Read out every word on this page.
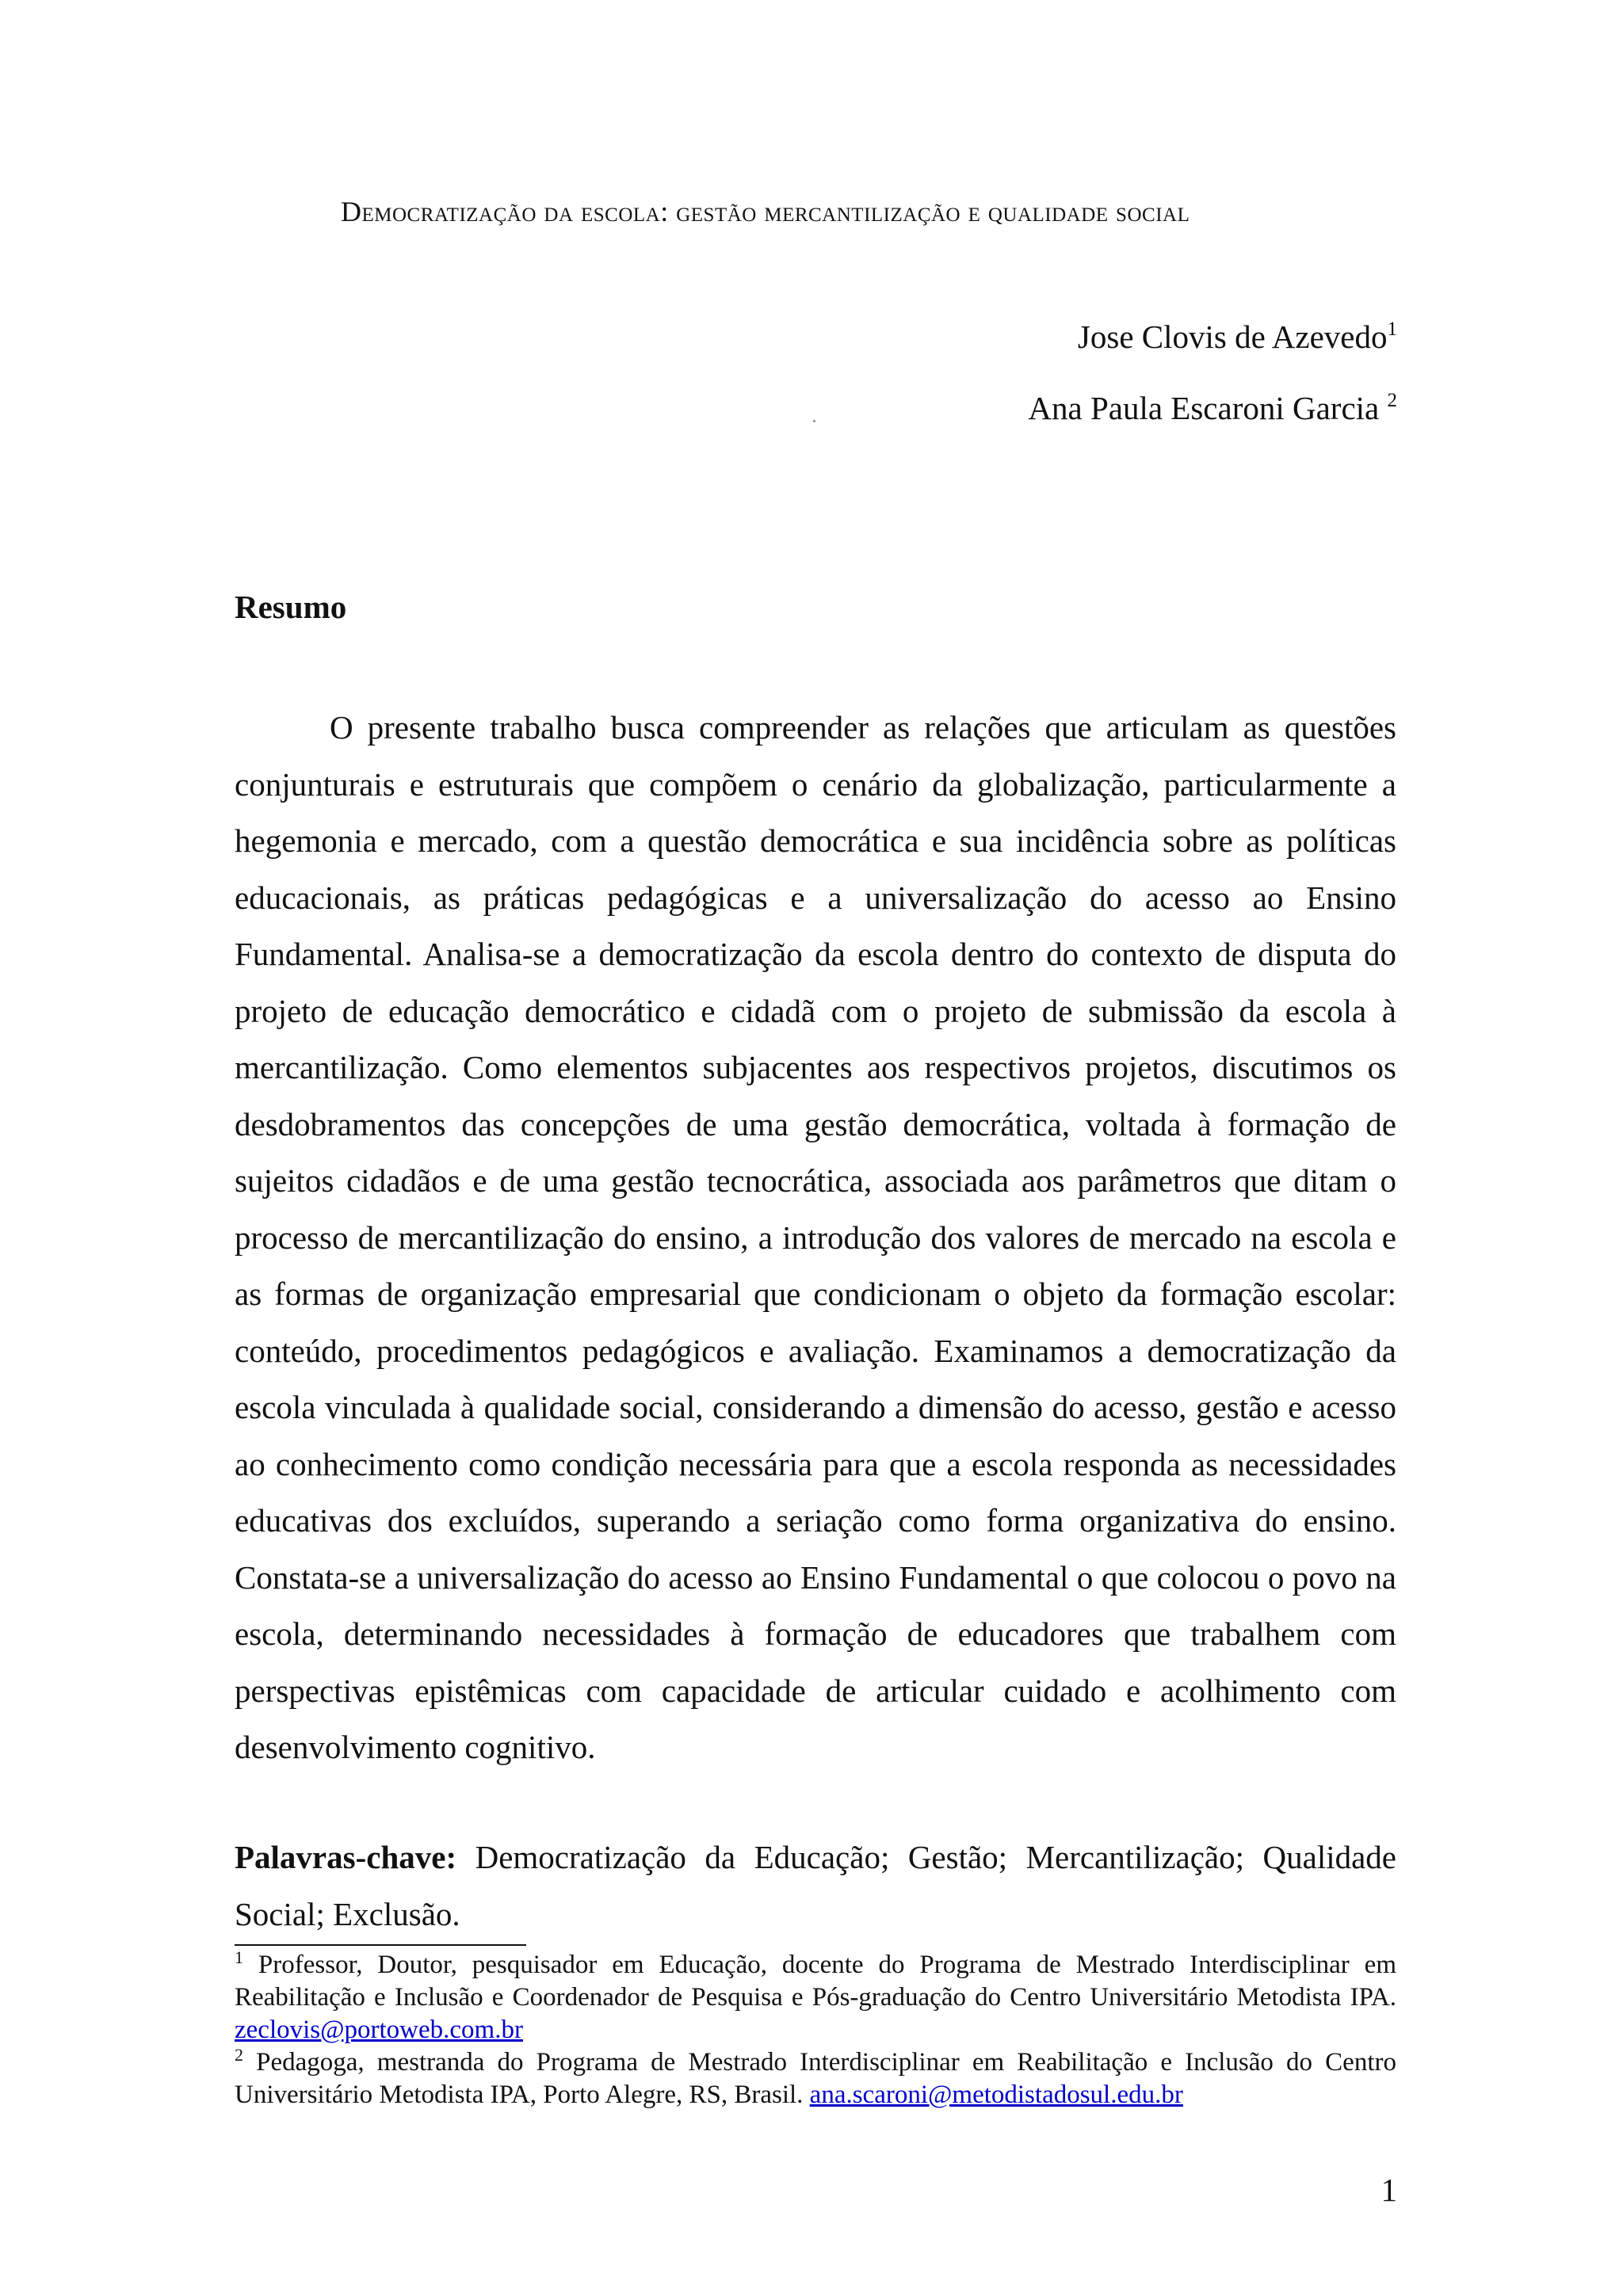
Democratização da escola: gestão mercantilização e qualidade social
Jose Clovis de Azevedo$^1$
Ana Paula Escaroni Garcia $^2$
Resumo

O presente trabalho busca compreender as relações que articulam as questões conjunturais e estruturais que compõem o cenário da globalização, particularmente a hegemonia e mercado, com a questão democrática e sua incidência sobre as políticas educacionais, as práticas pedagógicas e a universalização do acesso ao Ensino Fundamental. Analisa-se a democratização da escola dentro do contexto de disputa do projeto de educação democrático e cidadã com o projeto de submissão da escola à mercantilização. Como elementos subjacentes aos respectivos projetos, discutimos os desdobramentos das concepções de uma gestão democrática, voltada à formação de sujeitos cidadãos e de uma gestão tecnocrática, associada aos parâmetros que ditam o processo de mercantilização do ensino, a introdução dos valores de mercado na escola e as formas de organização empresarial que condicionam o objeto da formação escolar: conteúdo, procedimentos pedagógicos e avaliação. Examinamos a democratização da escola vinculada à qualidade social, considerando a dimensão do acesso, gestão e acesso ao conhecimento como condição necessária para que a escola responda as necessidades educativas dos excluídos, superando a seriação como forma organizativa do ensino. Constata-se a universalização do acesso ao Ensino Fundamental o que colocou o povo na escola, determinando necessidades à formação de educadores que trabalhem com perspectivas epistêmicas com capacidade de articular cuidado e acolhimento com desenvolvimento cognitivo.

Palavras-chave: Democratização da Educação; Gestão; Mercantilização; Qualidade Social; Exclusão.

$^1$ Professor, Doutor, pesquisador em Educação, docente do Programa de Mestrado Interdisciplinar em Reabilitação e Inclusão e Coordenador de Pesquisa e Pós-graduação do Centro Universitário Metodista IPA. zeclovis@portoweb.com.br

$^2$ Pedagoga, mestranda do Programa de Mestrado Interdisciplinar em Reabilitação e Inclusão do Centro Universitário Metodista IPA, Porto Alegre, RS, Brasil. ana.scaroni@metodistadosul.edu.br

1
